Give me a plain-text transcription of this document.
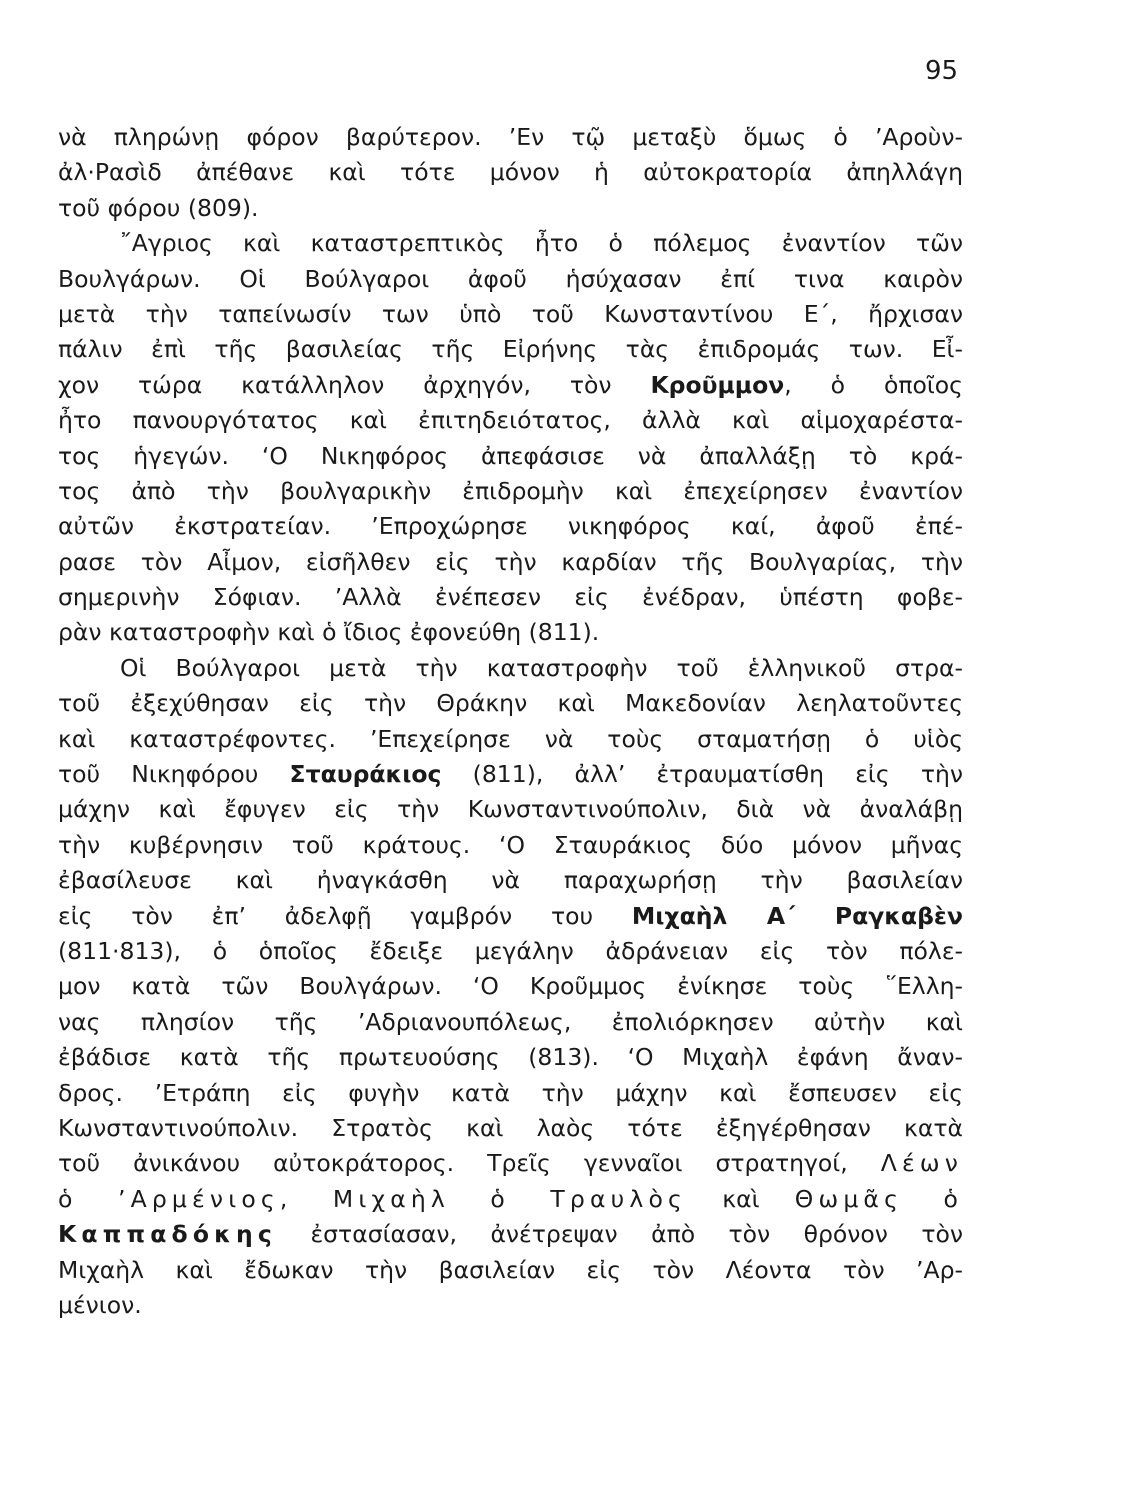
95
νὰ πληρώνῃ φόρον βαρύτερον. ’Εν τῷ μεταξὺ ὅμως ὁ ’Αροὺν-
ἀλ·Ρασὶδ ἀπέθανε καὶ τότε μόνον ἡ αὐτοκρατορία ἀπηλλάγη
τοῦ φόρου (809).
῎Αγριος καὶ καταστρεπτικὸς ἦτο ὁ πόλεμος ἐναντίον τῶν
Βουλγάρων. Οἱ Βούλγαροι ἀφοῦ ἡσύχασαν ἐπί τινα καιρὸν
μετὰ τὴν ταπείνωσίν των ὑπὸ τοῦ Κωνσταντίνου Ε΄, ἤρχισαν
πάλιν ἐπὶ τῆς βασιλείας τῆς Εἰρήνης τὰς ἐπιδρομάς των. Εἶ-
χον τώρα κατάλληλον ἀρχηγόν, τὸν Κροῦμμον, ὁ ὁποῖος
ἦτο πανουργότατος καὶ ἐπιτηδειότατος, ἀλλὰ καὶ αἱμοχαρέστα-
τος ἡγεγών. ‘Ο Νικηφόρος ἀπεφάσισε νὰ ἀπαλλάξῃ τὸ κρά-
τος ἀπὸ τὴν βουλγαρικὴν ἐπιδρομὴν καὶ ἐπεχείρησεν ἐναντίον
αὐτῶν ἐκστρατείαν. ’Επροχώρησε νικηφόρος καί, ἀφοῦ ἐπέ-
ρασε τὸν Αἶμον, εἰσῆλθεν εἰς τὴν καρδίαν τῆς Βουλγαρίας, τὴν
σημερινὴν Σόφιαν. ’Αλλὰ ἐνέπεσεν εἰς ἐνέδραν, ὑπέστη φοβε-
ρὰν καταστροφὴν καὶ ὁ ἴδιος ἐφονεύθη (811).
Οἱ Βούλγαροι μετὰ τὴν καταστροφὴν τοῦ ἑλληνικοῦ στρα-
τοῦ ἐξεχύθησαν εἰς τὴν Θράκην καὶ Μακεδονίαν λεηλατοῦντες
καὶ καταστρέφοντες. ’Επεχείρησε νὰ τοὺς σταματήσῃ ὁ υἱὸς
τοῦ Νικηφόρου Σταυράκιος (811), ἀλλ’ ἐτραυματίσθη εἰς τὴν
μάχην καὶ ἔφυγεν εἰς τὴν Κωνσταντινούπολιν, διὰ νὰ ἀναλάβῃ
τὴν κυβέρνησιν τοῦ κράτους. ‘Ο Σταυράκιος δύο μόνον μῆνας
ἐβασίλευσε καὶ ἠναγκάσθη νὰ παραχωρήσῃ τὴν βασιλείαν
εἰς τὸν ἐπ’ ἀδελφῇ γαμβρόν του Μιχαὴλ Α΄ Ραγκαβὲν
(811·813), ὁ ὁποῖος ἔδειξε μεγάλην ἀδράνειαν εἰς τὸν πόλε-
μον κατὰ τῶν Βουλγάρων. ‘Ο Κροῦμμος ἐνίκησε τοὺς ῞Ελλη-
νας πλησίον τῆς ’Αδριανουπόλεως, ἐπολιόρκησεν αὐτὴν καὶ
ἐβάδισε κατὰ τῆς πρωτευούσης (813). ‘Ο Μιχαὴλ ἐφάνη ἄναν-
δρος. ’Ετράπη εἰς φυγὴν κατὰ τὴν μάχην καὶ ἔσπευσεν εἰς
Κωνσταντινούπολιν. Στρατὸς καὶ λαὸς τότε ἐξηγέρθησαν κατὰ
τοῦ ἀνικάνου αὐτοκράτορος. Τρεῖς γενναῖοι στρατηγοί, Λέων
ὁ ’Αρμένιος, Μιχαὴλ ὁ Τραυλὸς καὶ Θωμᾶς ὁ
Καππαδόκης ἐστασίασαν, ἀνέτρεψαν ἀπὸ τὸν θρόνον τὸν
Μιχαὴλ καὶ ἔδωκαν τὴν βασιλείαν εἰς τὸν Λέοντα τὸν ’Αρ-
μένιον.
